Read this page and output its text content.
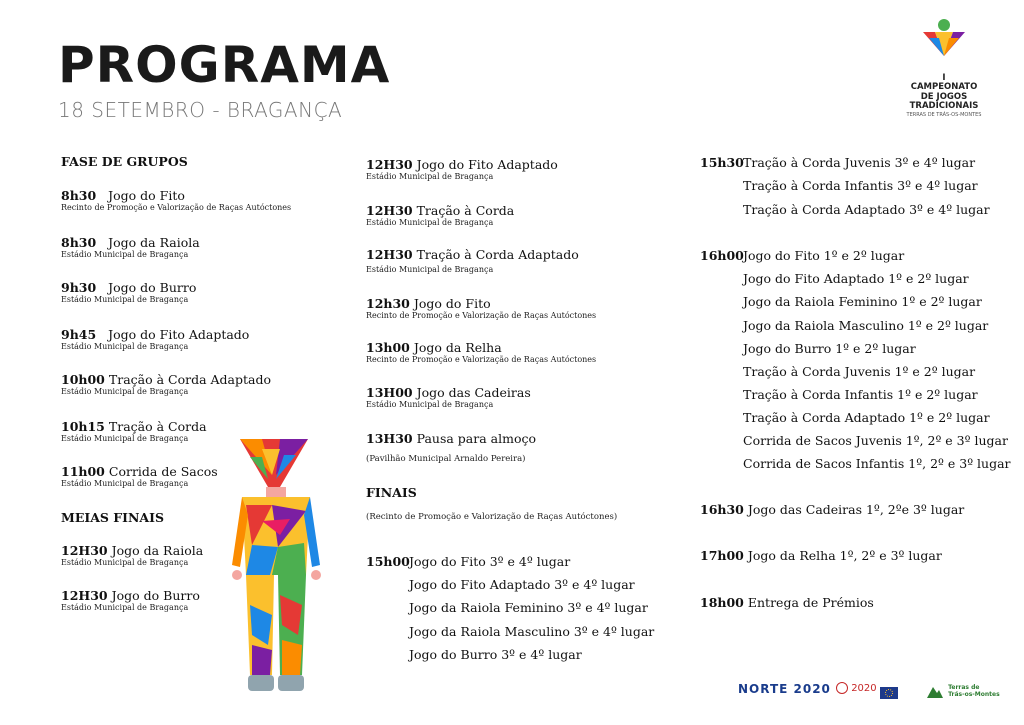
PROGRAMA
18 SETEMBRO - BRAGANÇA
I
CAMPEONATO
DE JOGOS
TRADICIONAIS
TERRAS DE TRÁS-OS-MONTES
FASE DE GRUPOS
8h30 Jogo do Fito
Recinto de Promoção e Valorização de Raças Autóctones
8h30 Jogo da Raiola
Estádio Municipal de Bragança
9h30 Jogo do Burro
Estádio Municipal de Bragança
9h45 Jogo do Fito Adaptado
Estádio Municipal de Bragança
10h00 Tração à Corda Adaptado
Estádio Municipal de Bragança
10h15 Tração à Corda
Estádio Municipal de Bragança
11h00 Corrida de Sacos
Estádio Municipal de Bragança
MEIAS FINAIS
12H30 Jogo da Raiola
Estádio Municipal de Bragança
12H30 Jogo do Burro
Estádio Municipal de Bragança
12H30 Jogo do Fito Adaptado
Estádio Municipal de Bragança
12H30 Tração à Corda
Estádio Municipal de Bragança
12H30 Tração à Corda Adaptado
Estádio Municipal de Bragança
12h30 Jogo do Fito
Recinto de Promoção e Valorização de Raças Autóctones
13h00 Jogo da Relha
Recinto de Promoção e Valorização de Raças Autóctones
13H00 Jogo das Cadeiras
Estádio Municipal de Bragança
13H30 Pausa para almoço
(Pavilhão Municipal Arnaldo Pereira)
FINAIS
(Recinto de Promoção e Valorização de Raças Autóctones)
15h00 Jogo do Fito 3º e 4º lugar
Jogo do Fito Adaptado 3º e 4º lugar
Jogo da Raiola Feminino 3º e 4º lugar
Jogo da Raiola Masculino 3º e 4º lugar
Jogo do Burro 3º e 4º lugar
15h30 Tração à Corda Juvenis 3º e 4º lugar
Tração à Corda Infantis 3º e 4º lugar
Tração à Corda Adaptado 3º e 4º lugar
16h00 Jogo do Fito 1º e 2º lugar
Jogo do Fito Adaptado 1º e 2º lugar
Jogo da Raiola Feminino 1º e 2º lugar
Jogo da Raiola Masculino 1º e 2º lugar
Jogo do Burro 1º e 2º lugar
Tração à Corda Juvenis 1º e 2º lugar
Tração à Corda Infantis 1º e 2º lugar
Tração à Corda Adaptado 1º e 2º lugar
Corrida de Sacos Juvenis 1º, 2º e 3º lugar
Corrida de Sacos Infantis 1º, 2º e 3º lugar
16h30 Jogo das Cadeiras 1º, 2ºe 3º lugar
17h00 Jogo da Relha 1º, 2º e 3º lugar
18h00 Entrega de Prémios
NORTE 2020	2020	Terras de
Trás-os-Montes
